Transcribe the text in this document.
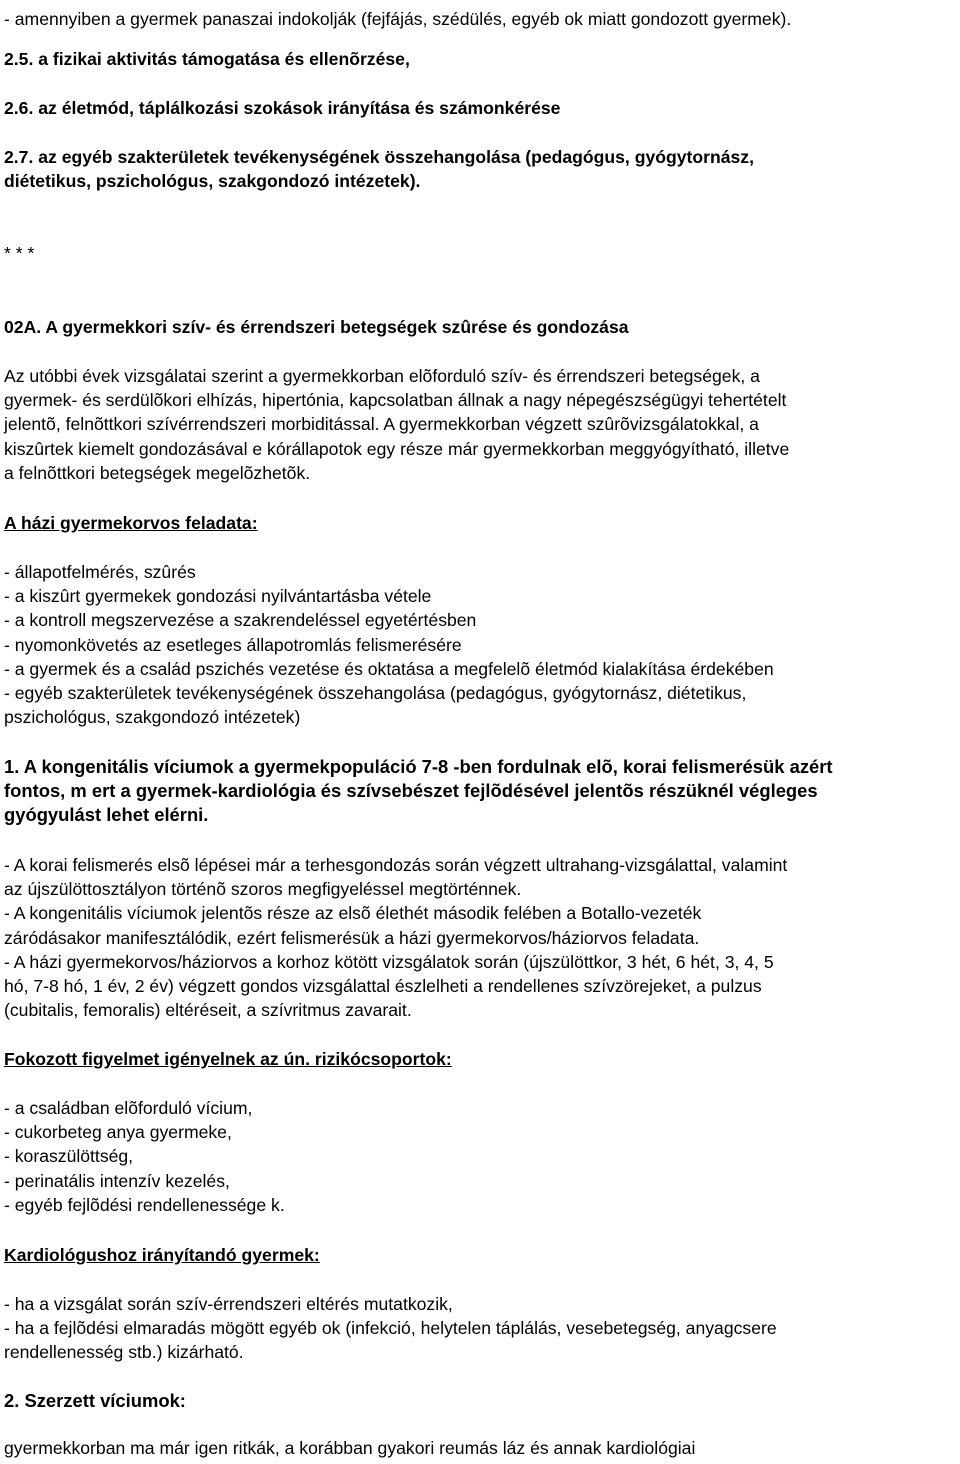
- amennyiben a gyermek panaszai indokolják (fejfájás, szédülés, egyéb ok miatt gondozott gyermek).
2.5. a fizikai aktivitás támogatása és ellenõrzése,
2.6. az életmód, táplálkozási szokások irányítása és számonkérése
2.7. az egyéb szakterületek tevékenységének összehangolása (pedagógus, gyógytornász,
diétetikus, pszichológus, szakgondozó intézetek).
* * *
02A. A gyermekkori szív- és érrendszeri betegségek szûrése és gondozása
Az utóbbi évek vizsgálatai szerint a gyermekkorban elõforduló szív- és érrendszeri betegségek, a
gyermek- és serdülõkori elhízás, hipertónia, kapcsolatban állnak a nagy népegészségügyi tehertételt
jelentõ, felnõttkori szívérrendszeri morbiditással. A gyermekkorban végzett szûrõvizsgálatokkal, a
kiszûrtek kiemelt gondozásával e kórállapotok egy része már gyermekkorban meggyógyítható, illetve
a felnõttkori betegségek megelõzhetõk.
A házi gyermekorvos feladata:
- állapotfelmérés, szûrés
- a kiszûrt gyermekek gondozási nyilvántartásba vétele
- a kontroll megszervezése a szakrendeléssel egyetértésben
- nyomonkövetés az esetleges állapotromlás felismerésére
- a gyermek és a család pszichés vezetése és oktatása a megfelelõ életmód kialakítása érdekében
- egyéb szakterületek tevékenységének összehangolása (pedagógus, gyógytornász, diétetikus,
pszichológus, szakgondozó intézetek)
1. A kongenitális víciumok a gyermekpopuláció 7-8 -ben fordulnak elõ, korai felismerésük azért
fontos, m ert a gyermek-kardiológia és szívsebészet fejlõdésével jelentõs részüknél végleges
gyógyulást lehet elérni.
- A korai felismerés elsõ lépései már a terhesgondozás során végzett ultrahang-vizsgálattal, valamint
az újszülöttosztályon történõ szoros megfigyeléssel megtörténnek.
- A kongenitális víciumok jelentõs része az elsõ élethét második felében a Botallo-vezeték
záródásakor manifesztálódik, ezért felismerésük a házi gyermekorvos/háziorvos feladata.
- A házi gyermekorvos/háziorvos a korhoz kötött vizsgálatok során (újszülöttkor, 3 hét, 6 hét, 3, 4, 5
hó, 7-8 hó, 1 év, 2 év) végzett gondos vizsgálattal észlelheti a rendellenes szívzörejeket, a pulzus
(cubitalis, femoralis) eltéréseit, a szívritmus zavarait.
Fokozott figyelmet igényelnek az ún. rizikócsoportok:
- a családban elõforduló vícium,
- cukorbeteg anya gyermeke,
- koraszülöttség,
- perinatális intenzív kezelés,
- egyéb fejlõdési rendellenessége k.
Kardiológushoz irányítandó gyermek:
- ha a vizsgálat során szív-érrendszeri eltérés mutatkozik,
- ha a fejlõdési elmaradás mögött egyéb ok (infekció, helytelen táplálás, vesebetegség, anyagcsere
rendellenesség stb.) kizárható.
2. Szerzett víciumok:
gyermekkorban ma már igen ritkák, a korábban gyakori reumás láz és annak kardiológiai
